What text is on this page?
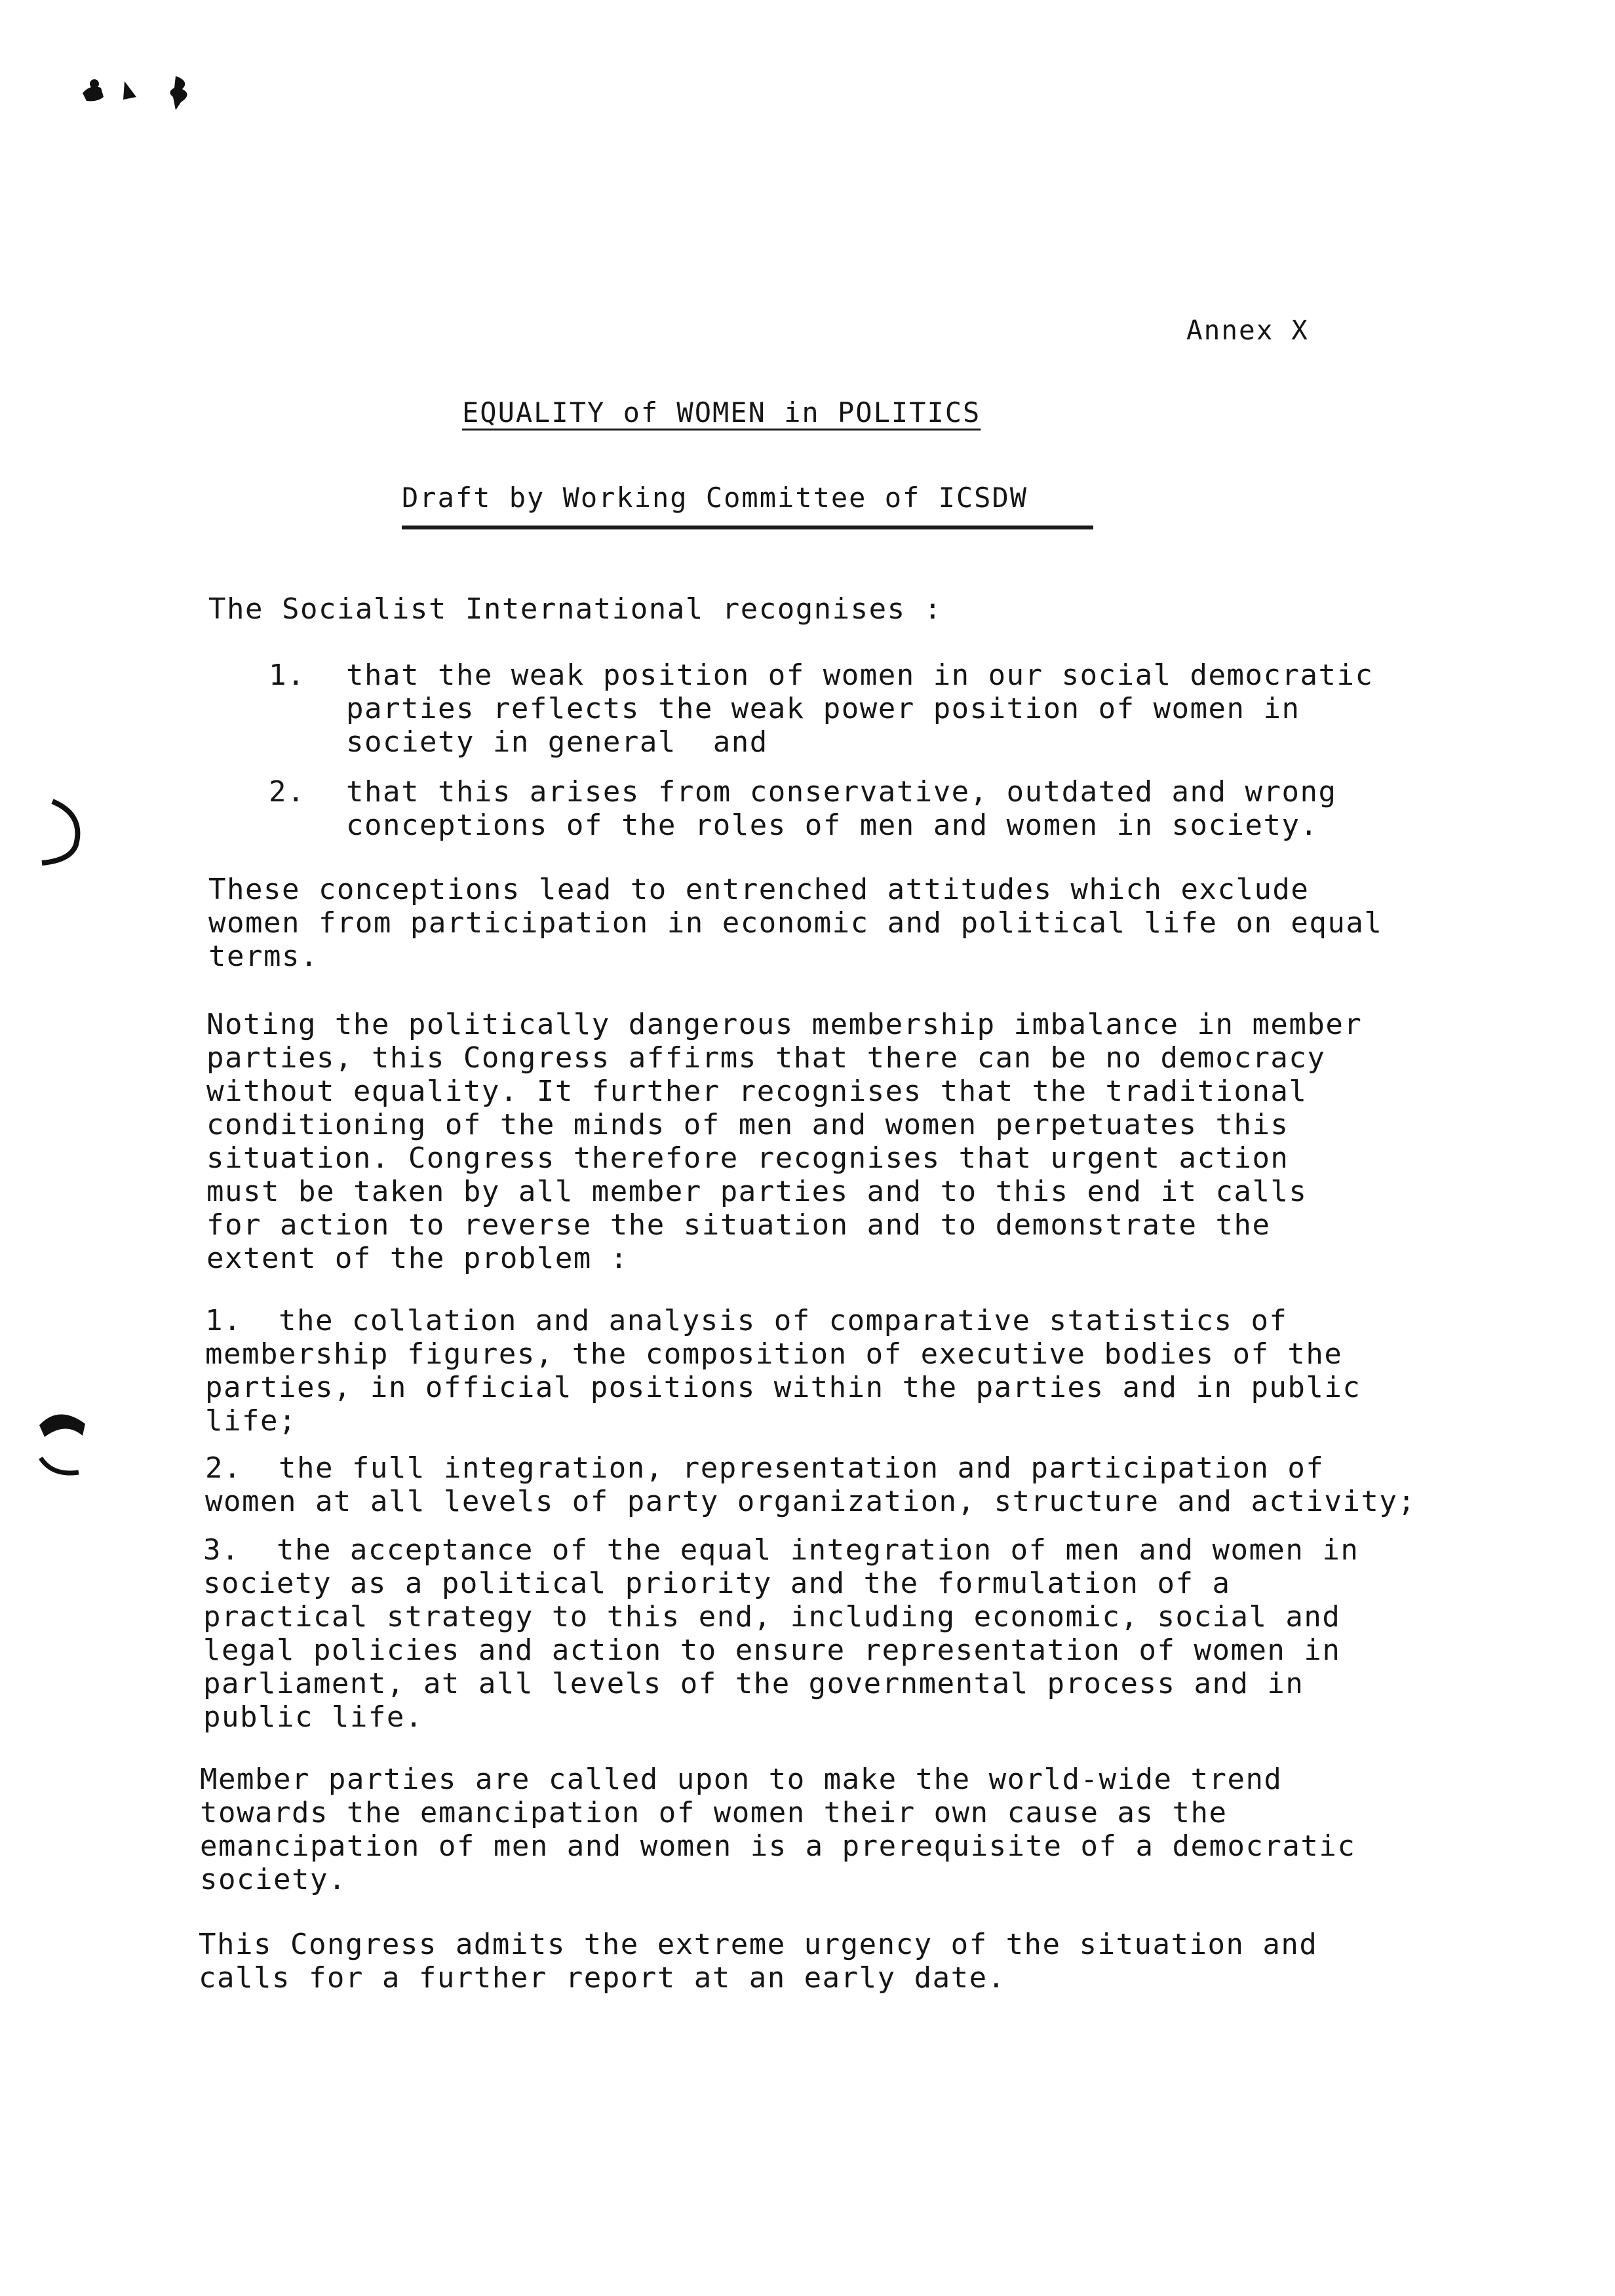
Annex X
EQUALITY of WOMEN in POLITICS
Draft by Working Committee of ICSDW
The Socialist International recognises :
1. that the weak position of women in our social democratic
parties reflects the weak power position of women in
society in general  and
2. that this arises from conservative, outdated and wrong
conceptions of the roles of men and women in society.
These conceptions lead to entrenched attitudes which exclude
women from participation in economic and political life on equal
terms.
Noting the politically dangerous membership imbalance in member
parties, this Congress affirms that there can be no democracy
without equality. It further recognises that the traditional
conditioning of the minds of men and women perpetuates this
situation. Congress therefore recognises that urgent action
must be taken by all member parties and to this end it calls
for action to reverse the situation and to demonstrate the
extent of the problem :
1.  the collation and analysis of comparative statistics of
membership figures, the composition of executive bodies of the
parties, in official positions within the parties and in public
life;
2.  the full integration, representation and participation of
women at all levels of party organization, structure and activity;
3.  the acceptance of the equal integration of men and women in
society as a political priority and the formulation of a
practical strategy to this end, including economic, social and
legal policies and action to ensure representation of women in
parliament, at all levels of the governmental process and in
public life.
Member parties are called upon to make the world-wide trend
towards the emancipation of women their own cause as the
emancipation of men and women is a prerequisite of a democratic
society.
This Congress admits the extreme urgency of the situation and
calls for a further report at an early date.
